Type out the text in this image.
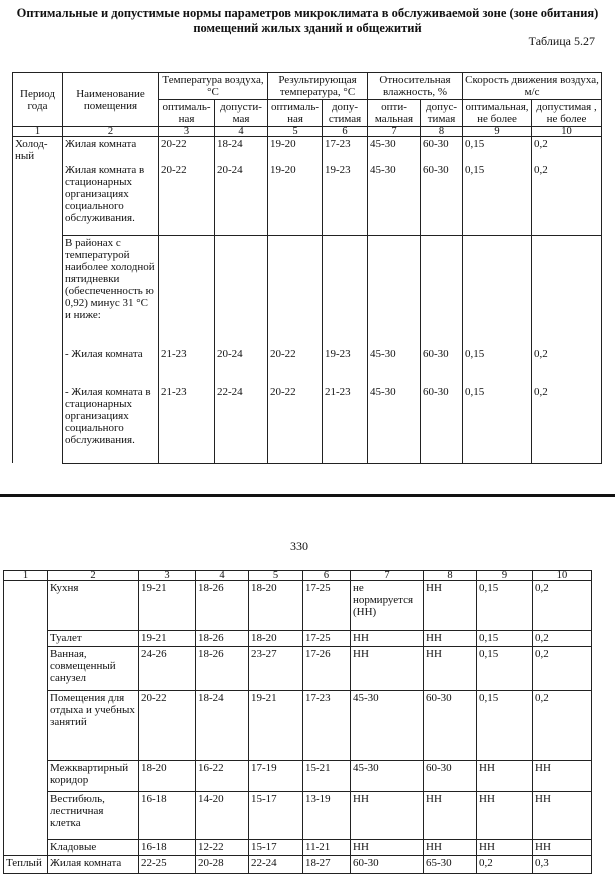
Оптимальные и допустимые нормы параметров микроклимата в обслуживаемой зоне (зоне обитания) помещений жилых зданий и общежитий
Таблица 5.27
Период года	Наименование помещения	Температура воздуха, °С		Результирующая температура, °С		Относительная влажность, %		Скорость движения воздуха, м/с	
		оптималь-ная	допусти-мая	оптималь-ная	допу-стимая	опти-мальная	допус-тимая	оптимальная, не более	допустимая , не более
1	2	3	4	5	6	7	8	9	10
Холод-ный	Жилая комната	20-22	18-24	19-20	17-23	45-30	60-30	0,15	0,2
	Жилая комната в стационарных организациях социального обслуживания.	20-22	20-24	19-20	19-23	45-30	60-30	0,15	0,2
	В районах с температурой наиболее холодной пятидневки (обеспеченность ю 0,92) минус 31 °С и ниже:								
	- Жилая комната	21-23	20-24	20-22	19-23	45-30	60-30	0,15	0,2
	- Жилая комната в стационарных организациях социального обслуживания.	21-23	22-24	20-22	21-23	45-30	60-30	0,15	0,2
330
1	2	3	4	5	6	7	8	9	10
	Кухня	19-21	18-26	18-20	17-25	не нормируется (НН)	НН	0,15	0,2
	Туалет	19-21	18-26	18-20	17-25	НН	НН	0,15	0,2
	Ванная, совмещенный санузел	24-26	18-26	23-27	17-26	НН	НН	0,15	0,2
	Помещения для отдыха и учебных занятий	20-22	18-24	19-21	17-23	45-30	60-30	0,15	0,2
	Межквартирный коридор	18-20	16-22	17-19	15-21	45-30	60-30	НН	НН
	Вестибюль, лестничная клетка	16-18	14-20	15-17	13-19	НН	НН	НН	НН
	Кладовые	16-18	12-22	15-17	11-21	НН	НН	НН	НН
Теплый	Жилая комната	22-25	20-28	22-24	18-27	60-30	65-30	0,2	0,3
